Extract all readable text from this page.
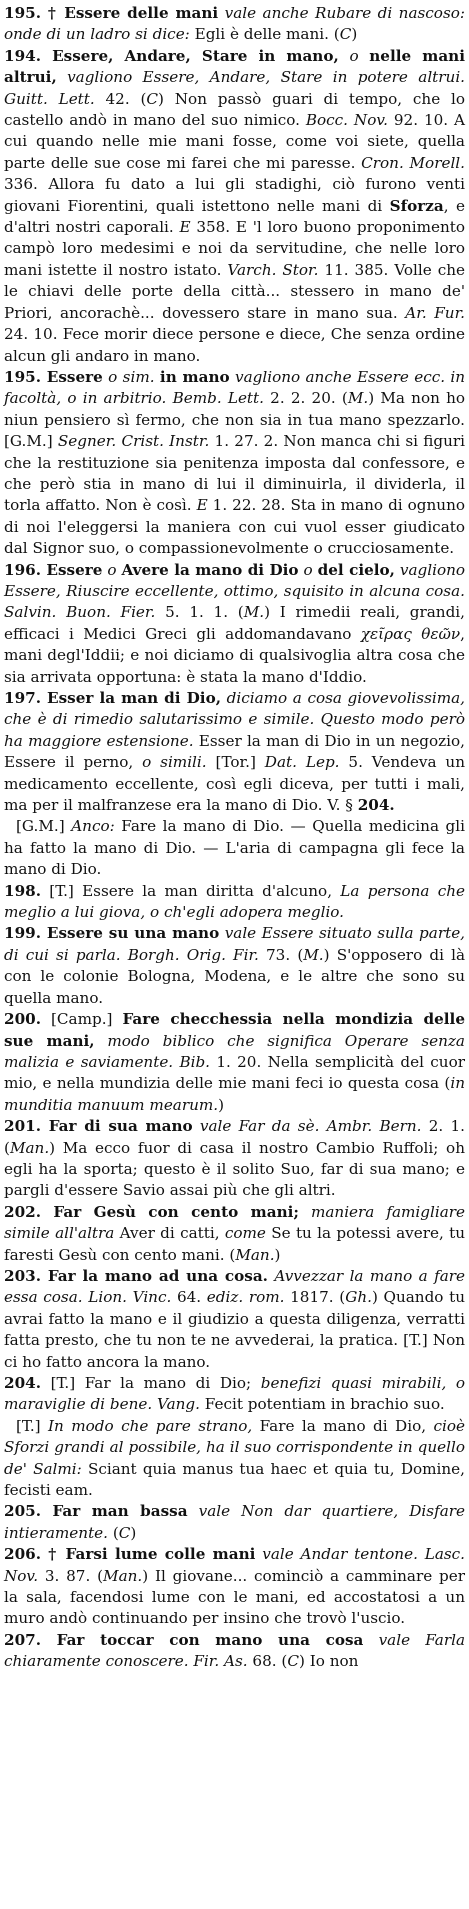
195. † Essere delle mani vale anche Rubare di nascoso: onde di un ladro si dice: Egli è delle mani. (C)

194. Essere, Andare, Stare in mano, o nelle mani altrui, vagliono Essere, Andare, Stare in potere altrui. Guitt. Lett. 42. (C) Non passò guari di tempo, che lo castello andò in mano del suo nimico. Bocc. Nov. 92. 10. A cui quando nelle mie mani fosse, come voi siete, quella parte delle sue cose mi farei che mi paresse. Cron. Morell. 336. Allora fu dato a lui gli stadighi, ciò furono venti giovani Fiorentini, quali istettono nelle mani di Sforza, e d'altri nostri caporali. E 358. E 'l loro buono proponimento campò loro medesimi e noi da servitudine, che nelle loro mani istette il nostro istato. Varch. Stor. 11. 385. Volle che le chiavi delle porte della città... stessero in mano de' Priori, ancorachè... dovessero stare in mano sua. Ar. Fur. 24. 10. Fece morir diece persone e diece, Che senza ordine alcun gli andaro in mano.

195. Essere o sim. in mano vagliono anche Essere ecc. in facoltà, o in arbitrio. Bemb. Lett. 2. 2. 20. (M.) Ma non ho niun pensiero sì fermo, che non sia in tua mano spezzarlo. [G.M.] Segner. Crist. Instr. 1. 27. 2. Non manca chi si figuri che la restituzione sia penitenza imposta dal confessore, e che però stia in mano di lui il diminuirla, il dividerla, il torla affatto. Non è così. E 1. 22. 28. Sta in mano di ognuno di noi l'eleggersi la maniera con cui vuol esser giudicato dal Signor suo, o compassionevolmente o crucciosamente.

196. Essere o Avere la mano di Dio o del cielo, vagliono Essere, Riuscire eccellente, ottimo, squisito in alcuna cosa. Salvin. Buon. Fier. 5. 1. 1. (M.) I rimedii reali, grandi, efficaci i Medici Greci gli addomandavano χεῖρας θεῶν, mani degl'Iddii; e noi diciamo di qualsivoglia altra cosa che sia arrivata opportuna: è stata la mano d'Iddio.

197. Esser la man di Dio, diciamo a cosa giovevolissima, che è di rimedio salutarissimo e simile. Questo modo però ha maggiore estensione. Esser la man di Dio in un negozio, Essere il perno, o simili. [Tor.] Dat. Lep. 5. Vendeva un medicamento eccellente, così egli diceva, per tutti i mali, ma per il malfranzese era la mano di Dio. V. § 204.

[G.M.] Anco: Fare la mano di Dio. — Quella medicina gli ha fatto la mano di Dio. — L'aria di campagna gli fece la mano di Dio.

198. [T.] Essere la man diritta d'alcuno, La persona che meglio a lui giova, o ch'egli adopera meglio.

199. Essere su una mano vale Essere situato sulla parte, di cui si parla. Borgh. Orig. Fir. 73. (M.) S'opposero di là con le colonie Bologna, Modena, e le altre che sono su quella mano.

200. [Camp.] Fare checchessia nella mondizia delle sue mani, modo biblico che significa Operare senza malizia e saviamente. Bib. 1. 20. Nella semplicità del cuor mio, e nella mundizia delle mie mani feci io questa cosa (in munditia manuum mearum.)

201. Far di sua mano vale Far da sè. Ambr. Bern. 2. 1. (Man.) Ma ecco fuor di casa il nostro Cambio Ruffoli; oh egli ha la sporta; questo è il solito Suo, far di sua mano; e pargli d'essere Savio assai più che gli altri.

202. Far Gesù con cento mani; maniera famigliare simile all'altra Aver di catti, come Se tu la potessi avere, tu faresti Gesù con cento mani. (Man.)

203. Far la mano ad una cosa. Avvezzar la mano a fare essa cosa. Lion. Vinc. 64. ediz. rom. 1817. (Gh.) Quando tu avrai fatto la mano e il giudizio a questa diligenza, verratti fatta presto, che tu non te ne avvederai, la pratica. [T.] Non ci ho fatto ancora la mano.

204. [T.] Far la mano di Dio; benefizi quasi mirabili, o maraviglie di bene. Vang. Fecit potentiam in brachio suo.

[T.] In modo che pare strano, Fare la mano di Dio, cioè Sforzi grandi al possibile, ha il suo corrispondente in quello de' Salmi: Sciant quia manus tua haec et quia tu, Domine, fecisti eam.

205. Far man bassa vale Non dar quartiere, Disfare intieramente. (C)

206. † Farsi lume colle mani vale Andar tentone. Lasc. Nov. 3. 87. (Man.) Il giovane... cominciò a camminare per la sala, facendosi lume con le mani, ed accostatosi a un muro andò continuando per insino che trovò l'uscio.

207. Far toccar con mano una cosa vale Farla chiaramente conoscere. Fir. As. 68. (C) Io non
